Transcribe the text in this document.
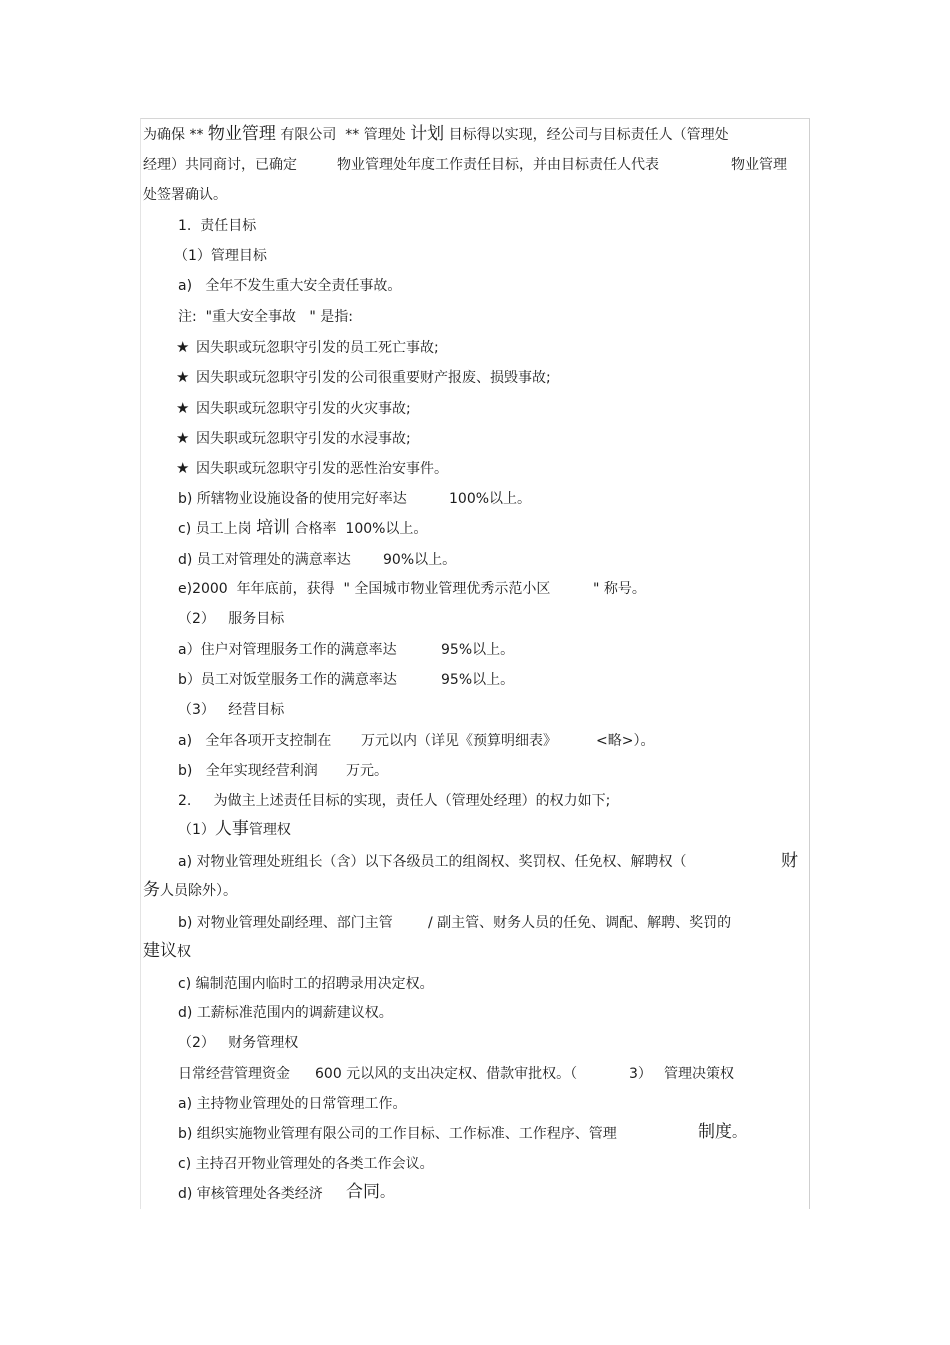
为确保 ** 物业管理 有限公司  ** 管理处 计划 目标得以实现，经公司与目标责任人（管理处
经理）共同商讨，已确定	物业管理处年度工作责任目标，并由目标责任人代表	物业管理
处签署确认。
1.  责任目标
（1）管理目标
a)   全年不发生重大安全责任事故。
注:  "重大安全事故   " 是指:
★ 因失职或玩忽职守引发的员工死亡事故;
★ 因失职或玩忽职守引发的公司很重要财产报废、损毁事故;
★ 因失职或玩忽职守引发的火灾事故;
★ 因失职或玩忽职守引发的水浸事故;
★ 因失职或玩忽职守引发的恶性治安事件。
b) 所辖物业设施设备的使用完好率达	100%以上。
c) 员工上岗 培训 合格率  100%以上。
d) 员工对管理处的满意率达 90%以上。
e)2000  年年底前，获得  " 全国城市物业管理优秀示范小区	" 称号。
（2）   服务目标
a）住户对管理服务工作的满意率达	95%以上。
b）员工对饭堂服务工作的满意率达	95%以上。
（3）   经营目标
a)   全年各项开支控制在 万元以内（详见《预算明细表》	<略>）。
b)   全年实现经营利润 万元。
2.     为做主上述责任目标的实现，责任人（管理处经理）的权力如下;
（1）人事管理权
a) 对物业管理处班组长（含）以下各级员工的组阁权、奖罚权、任免权、解聘权（	财
务人员除外）。
b) 对物业管理处副经理、部门主管	/ 副主管、财务人员的任免、调配、解聘、奖罚的
建议权
c) 编制范围内临时工的招聘录用决定权。
d) 工薪标准范围内的调薪建议权。
（2）   财务管理权
日常经营管理资金 600 元以风的支出决定权、借款审批权。（	3） 管理决策权
a) 主持物业管理处的日常管理工作。
b) 组织实施物业管理有限公司的工作目标、工作标准、工作程序、管理	制度。
c) 主持召开物业管理处的各类工作会议。
d) 审核管理处各类经济 合同。
